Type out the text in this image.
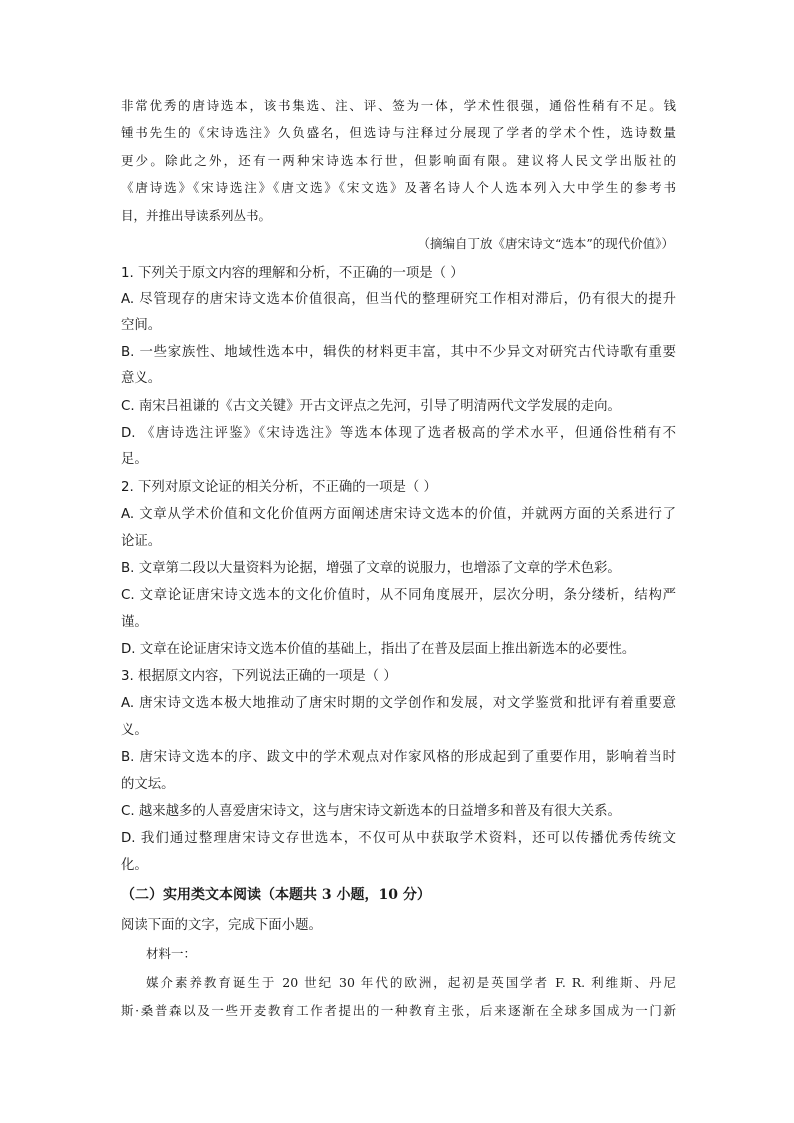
非常优秀的唐诗选本，该书集选、注、评、签为一体，学术性很强，通俗性稍有不足。钱
锺书先生的《宋诗选注》久负盛名，但选诗与注释过分展现了学者的学术个性，选诗数量
更少。除此之外，还有一两种宋诗选本行世，但影响面有限。建议将人民文学出版社的
《唐诗选》《宋诗选注》《唐文选》《宋文选》及著名诗人个人选本列入大中学生的参考书
目，并推出导读系列丛书。
（摘编自丁放《唐宋诗文“选本”的现代价值》）
1. 下列关于原文内容的理解和分析，不正确的一项是（ ）
A. 尽管现存的唐宋诗文选本价值很高，但当代的整理研究工作相对滞后，仍有很大的提升
空间。
B. 一些家族性、地域性选本中，辑佚的材料更丰富，其中不少异文对研究古代诗歌有重要
意义。
C. 南宋吕祖谦的《古文关键》开古文评点之先河，引导了明清两代文学发展的走向。
D. 《唐诗选注评鉴》《宋诗选注》等选本体现了选者极高的学术水平，但通俗性稍有不
足。
2. 下列对原文论证的相关分析，不正确的一项是（ ）
A. 文章从学术价值和文化价值两方面阐述唐宋诗文选本的价值，并就两方面的关系进行了
论证。
B. 文章第二段以大量资料为论据，增强了文章的说服力，也增添了文章的学术色彩。
C. 文章论证唐宋诗文选本的文化价值时，从不同角度展开，层次分明，条分缕析，结构严
谨。
D. 文章在论证唐宋诗文选本价值的基础上，指出了在普及层面上推出新选本的必要性。
3. 根据原文内容，下列说法正确的一项是（ ）
A. 唐宋诗文选本极大地推动了唐宋时期的文学创作和发展，对文学鉴赏和批评有着重要意
义。
B. 唐宋诗文选本的序、跋文中的学术观点对作家风格的形成起到了重要作用，影响着当时
的文坛。
C. 越来越多的人喜爱唐宋诗文，这与唐宋诗文新选本的日益增多和普及有很大关系。
D. 我们通过整理唐宋诗文存世选本，不仅可从中获取学术资料，还可以传播优秀传统文
化。
（二）实用类文本阅读（本题共 3 小题，10 分）
阅读下面的文字，完成下面小题。
材料一：
媒介素养教育诞生于 20 世纪 30 年代的欧洲，起初是英国学者 F. R. 利维斯、丹尼
斯·桑普森以及一些开麦教育工作者提出的一种教育主张，后来逐渐在全球多国成为一门新
